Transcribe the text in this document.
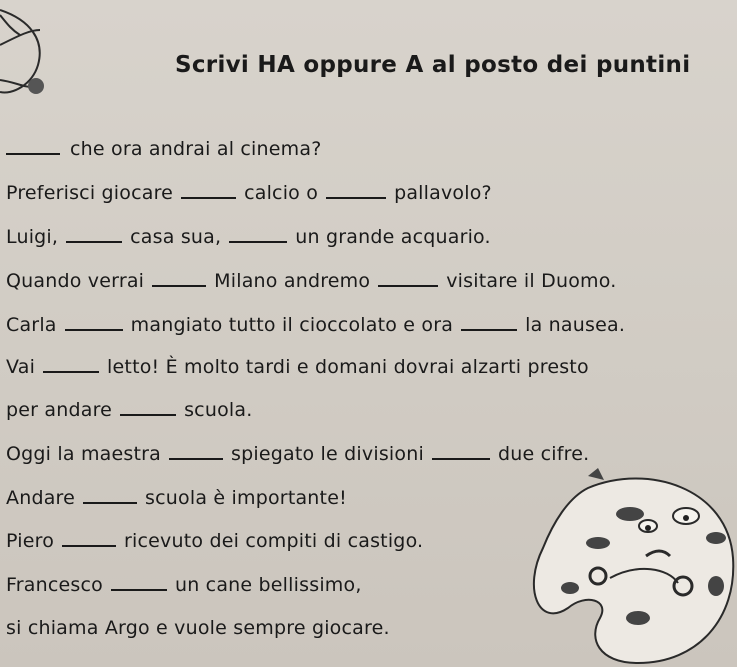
Scrivi HA oppure A al posto dei puntini
che ora andrai al cinema?
Preferisci giocare	calcio o	pallavolo?
Luigi,	casa sua,	un grande acquario.
Quando verrai	Milano andremo	visitare il Duomo.
Carla	mangiato tutto il cioccolato e ora	la nausea.
Vai	letto! È molto tardi e domani dovrai alzarti presto
per andare	scuola.
Oggi la maestra	spiegato le divisioni	due cifre.
Andare	scuola è importante!
Piero	ricevuto dei compiti di castigo.
Francesco	un cane bellissimo,
si chiama Argo e vuole sempre giocare.
